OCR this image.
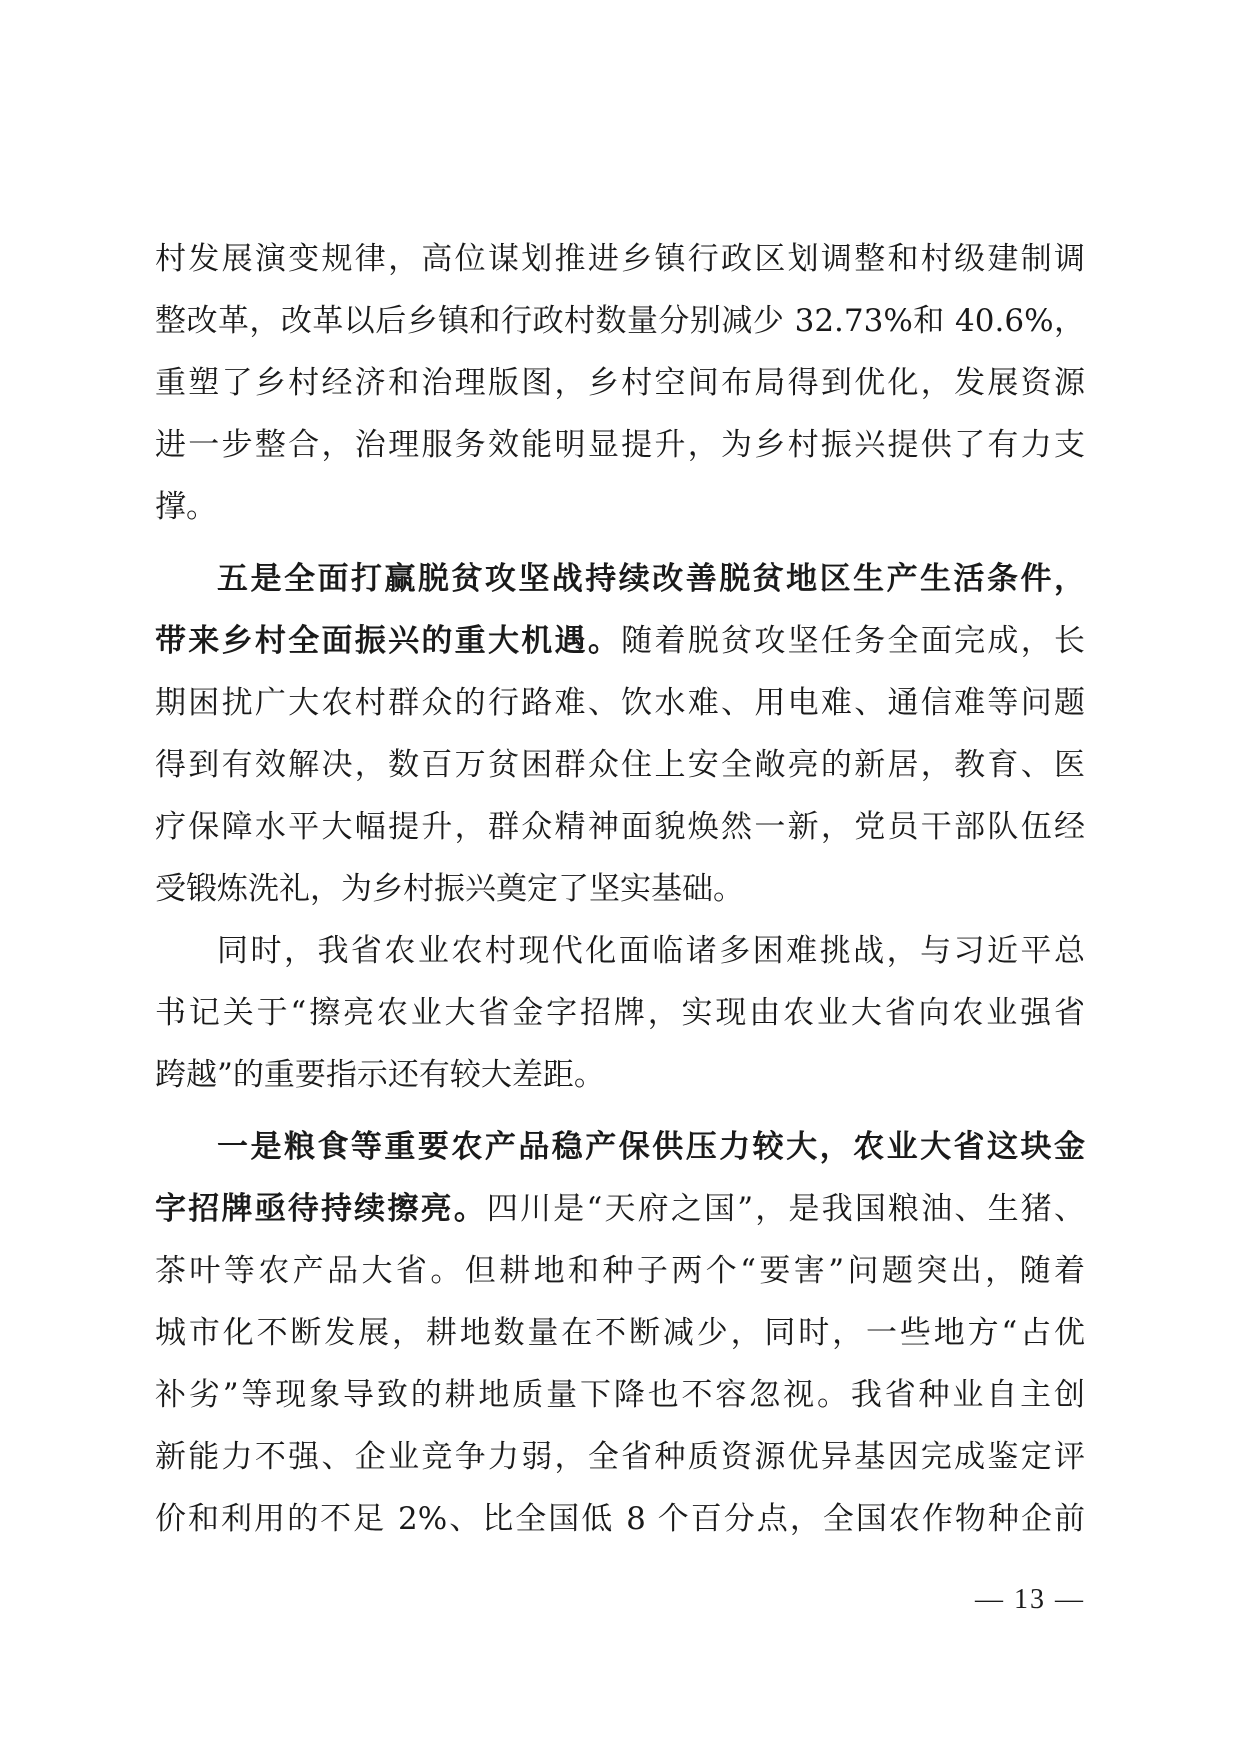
村发展演变规律，高位谋划推进乡镇行政区划调整和村级建制调
整改革，改革以后乡镇和行政村数量分别减少 32.73%和 40.6%，
重塑了乡村经济和治理版图，乡村空间布局得到优化，发展资源
进一步整合，治理服务效能明显提升，为乡村振兴提供了有力支
撑。
五是全面打赢脱贫攻坚战持续改善脱贫地区生产生活条件，
带来乡村全面振兴的重大机遇。随着脱贫攻坚任务全面完成，长
期困扰广大农村群众的行路难、饮水难、用电难、通信难等问题
得到有效解决，数百万贫困群众住上安全敞亮的新居，教育、医
疗保障水平大幅提升，群众精神面貌焕然一新，党员干部队伍经
受锻炼洗礼，为乡村振兴奠定了坚实基础。
同时，我省农业农村现代化面临诸多困难挑战，与习近平总
书记关于“擦亮农业大省金字招牌，实现由农业大省向农业强省
跨越”的重要指示还有较大差距。
一是粮食等重要农产品稳产保供压力较大，农业大省这块金
字招牌亟待持续擦亮。四川是“天府之国”，是我国粮油、生猪、
茶叶等农产品大省。但耕地和种子两个“要害”问题突出，随着
城市化不断发展，耕地数量在不断减少，同时，一些地方“占优
补劣”等现象导致的耕地质量下降也不容忽视。我省种业自主创
新能力不强、企业竞争力弱，全省种质资源优异基因完成鉴定评
价和利用的不足 2%、比全国低 8 个百分点，全国农作物种企前
— 13 —
